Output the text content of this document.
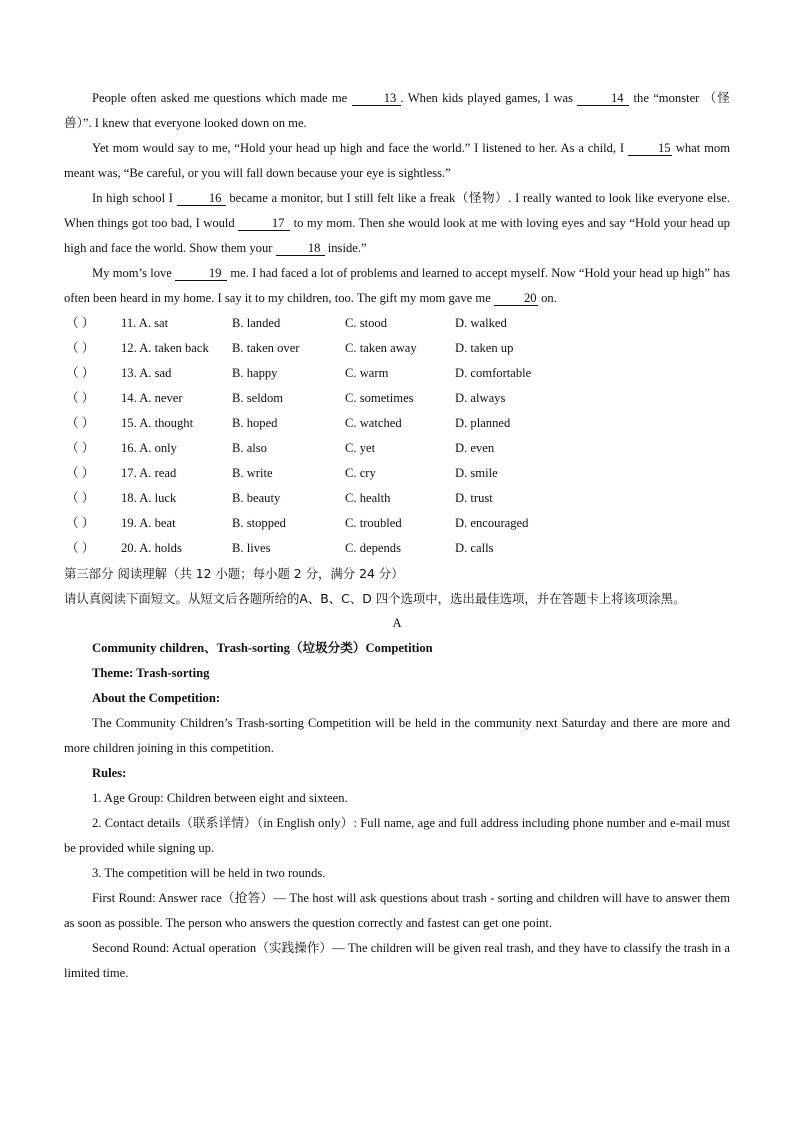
People often asked me questions which made me	13 . When kids played games, I was	14 the “monster （怪兽）”. I knew that everyone looked down on me.

Yet mom would say to me, “Hold your head up high and face the world.” I listened to her. As a child, I 15 what mom meant was, “Be careful, or you will fall down because your eye is sightless.”

In high school I	16 became a monitor, but I still felt like a freak（怪物）. I really wanted to look like everyone else. When things got too bad, I would	17 to my mom. Then she would look at me with loving eyes and say “Hold your head up high and face the world. Show them your	18 inside.”

My mom’s love	19 me. I had faced a lot of problems and learned to accept myself. Now “Hold your head up high” has often been heard in my home. I say it to my children, too. The gift my mom gave me 20 on.

（ ） 11. A. sat	B. landed	C. stood	D. walked
（ ） 12. A. taken back B. taken over	C. taken away	D. taken up
（ ） 13. A. sad	B. happy	C. warm	D. comfortable
（ ） 14. A. never	B. seldom	C. sometimes	D. always
（ ） 15. A. thought	B. hoped	C. watched	D. planned
（ ） 16. A. only	B. also	C. yet	D. even
（ ） 17. A. read	B. write	C. cry	D. smile
（ ） 18. A. luck	B. beauty	C. health	D. trust
（ ） 19. A. beat	B. stopped	C. troubled	D. encouraged
（ ） 20. A. holds	B. lives	C. depends	D. calls

第三部分 阅读理解（共 12 小题；每小题 2 分，满分 24 分）

请认真阅读下面短文。从短文后各题所给的A、B、C、D 四个选项中，选出最佳选项，并在答题卡上将该项涂黑。

A

Community children、Trash-sorting（垃圾分类）Competition

Theme: Trash-sorting

About the Competition:

The Community Children’s Trash-sorting Competition will be held in the community next Saturday and there are more and more children joining in this competition.

Rules:

1. Age Group: Children between eight and sixteen.

2. Contact details（联系详情）（in English only）: Full name, age and full address including phone number and e-mail must be provided while signing up.

3. The competition will be held in two rounds.

First Round: Answer race（抢答）— The host will ask questions about trash - sorting and children will have to answer them as soon as possible. The person who answers the question correctly and fastest can get one point.

Second Round: Actual operation（实践操作）— The children will be given real trash, and they have to classify the trash in a limited time.
